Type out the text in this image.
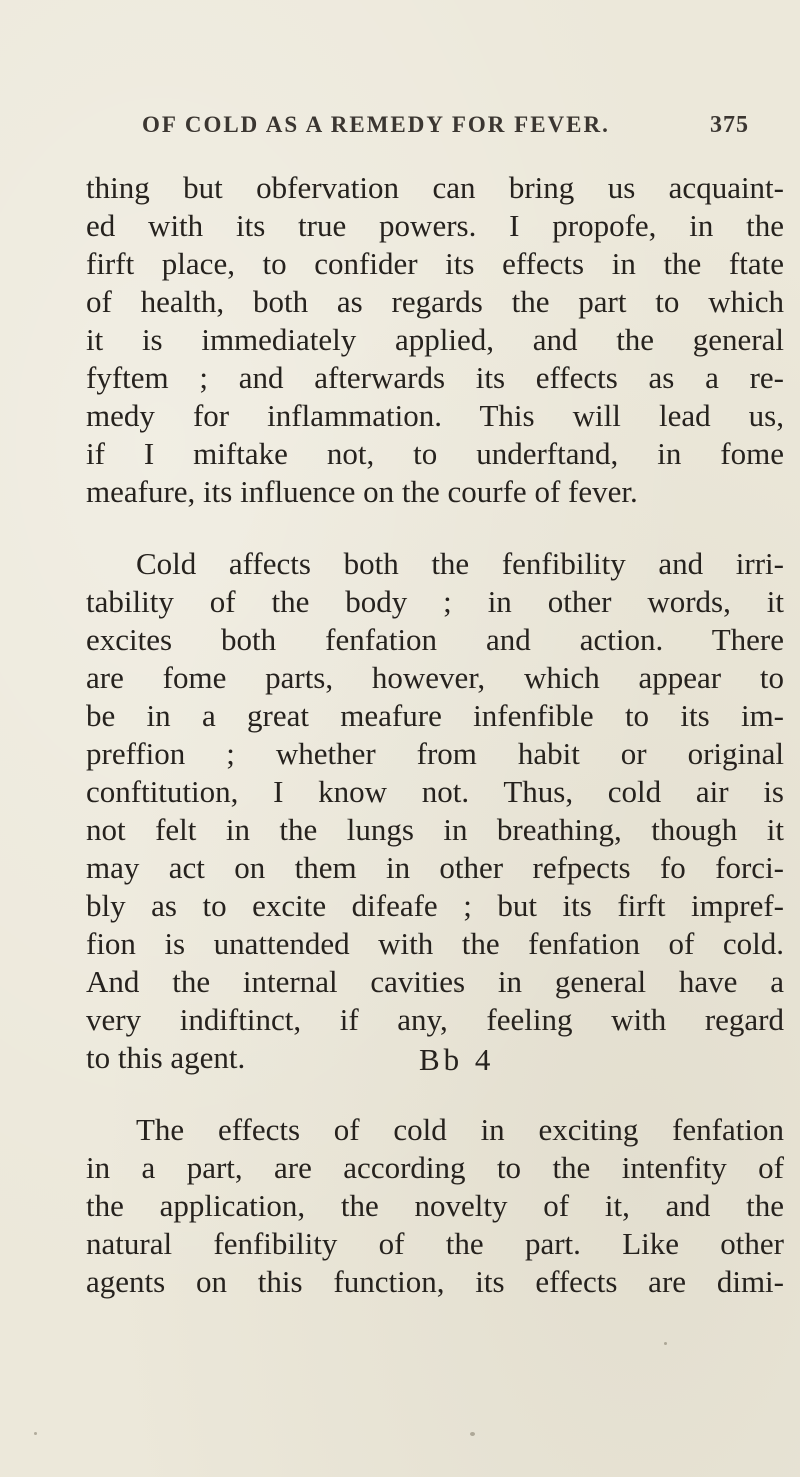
OF COLD AS A REMEDY FOR FEVER.	375

thing but obfervation can bring us acquaint-
ed with its true powers. I propofe, in the
firft place, to confider its effects in the ftate
of health, both as regards the part to which
it is immediately applied, and the general
fyftem ; and afterwards its effects as a re-
medy for inflammation. This will lead us,
if I miftake not, to underftand, in fome
meafure, its influence on the courfe of fever.

Cold affects both the fenfibility and irri-
tability of the body ; in other words, it
excites both fenfation and action. There
are fome parts, however, which appear to
be in a great meafure infenfible to its im-
preffion ; whether from habit or original
conftitution, I know not. Thus, cold air is
not felt in the lungs in breathing, though it
may act on them in other refpects fo forci-
bly as to excite difeafe ; but its firft impref-
fion is unattended with the fenfation of cold.
And the internal cavities in general have a
very indiftinct, if any, feeling with regard
to this agent.

The effects of cold in exciting fenfation
in a part, are according to the intenfity of
the application, the novelty of it, and the
natural fenfibility of the part. Like other
agents on this function, its effects are dimi-

Bb 4
